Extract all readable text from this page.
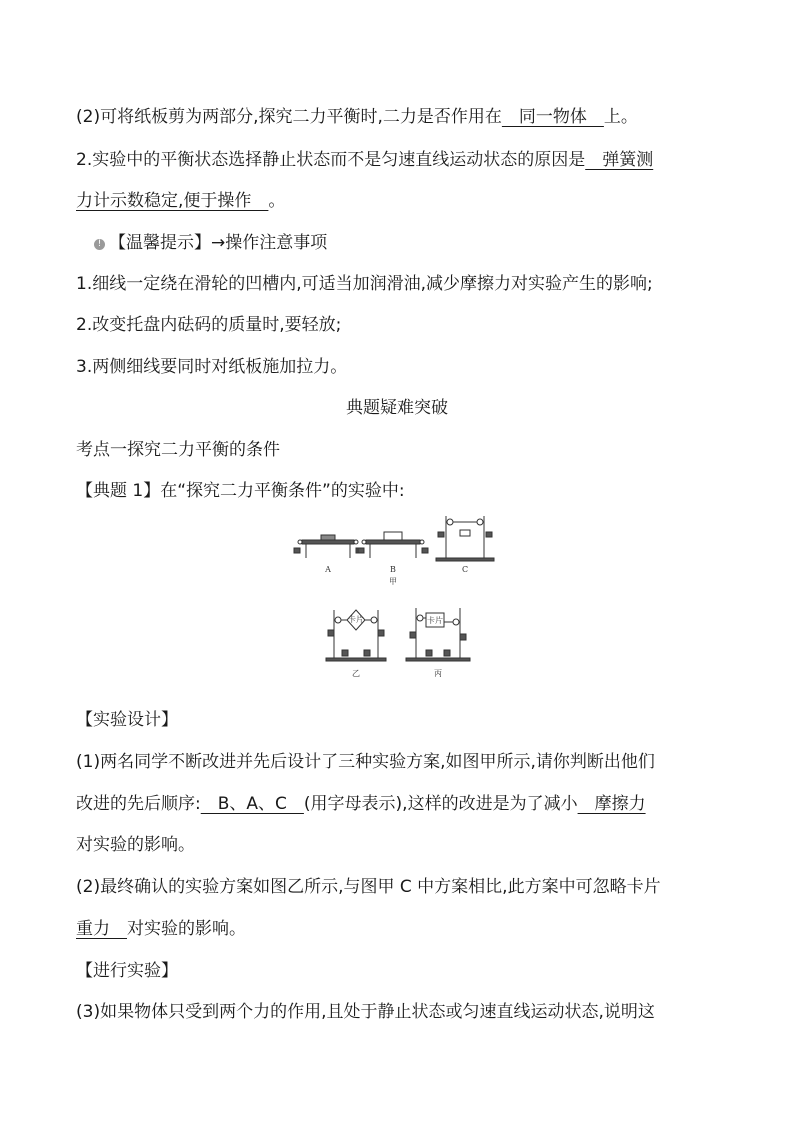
(2)可将纸板剪为两部分,探究二力平衡时,二力是否作用在　同一物体　上。
2.实验中的平衡状态选择静止状态而不是匀速直线运动状态的原因是　弹簧测
力计示数稳定,便于操作　。
! 【温馨提示】→操作注意事项
1.细线一定绕在滑轮的凹槽内,可适当加润滑油,减少摩擦力对实验产生的影响;
2.改变托盘内砝码的质量时,要轻放;
3.两侧细线要同时对纸板施加拉力。
典题疑难突破
考点一探究二力平衡的条件
【典题 1】在“探究二力平衡条件”的实验中:
A	B
甲
C
乙
卡片	卡片
丙
【实验设计】
(1)两名同学不断改进并先后设计了三种实验方案,如图甲所示,请你判断出他们
改进的先后顺序:　B、A、C　(用字母表示),这样的改进是为了减小　摩擦力
对实验的影响。
(2)最终确认的实验方案如图乙所示,与图甲 C 中方案相比,此方案中可忽略卡片
重力　对实验的影响。
【进行实验】
(3)如果物体只受到两个力的作用,且处于静止状态或匀速直线运动状态,说明这
